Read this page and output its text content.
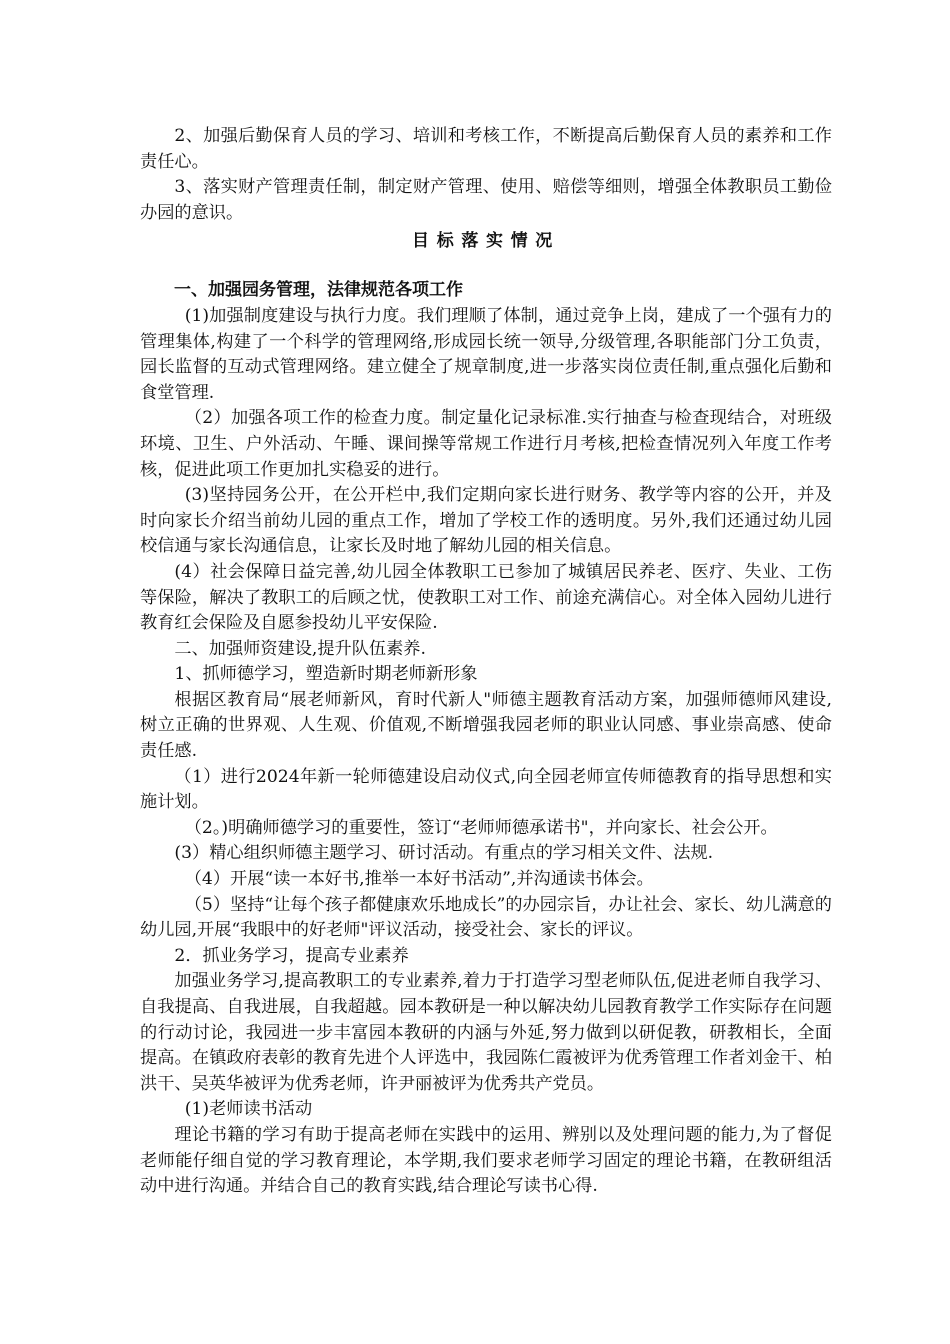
2、加强后勤保育人员的学习、培训和考核工作，不断提高后勤保育人员的素养和工作责任心。

3、落实财产管理责任制，制定财产管理、使用、赔偿等细则，增强全体教职员工勤俭办园的意识。

目标落实情况

一、加强园务管理，法律规范各项工作

(1)加强制度建设与执行力度。我们理顺了体制，通过竞争上岗，建成了一个强有力的管理集体,构建了一个科学的管理网络,形成园长统一领导,分级管理,各职能部门分工负责，园长监督的互动式管理网络。建立健全了规章制度,进一步落实岗位责任制,重点强化后勤和食堂管理.

（2）加强各项工作的检查力度。制定量化记录标准.实行抽查与检查现结合，对班级环境、卫生、户外活动、午睡、课间操等常规工作进行月考核,把检查情况列入年度工作考核，促进此项工作更加扎实稳妥的进行。

(3)坚持园务公开，在公开栏中,我们定期向家长进行财务、教学等内容的公开，并及时向家长介绍当前幼儿园的重点工作，增加了学校工作的透明度。另外,我们还通过幼儿园校信通与家长沟通信息，让家长及时地了解幼儿园的相关信息。

(4）社会保障日益完善,幼儿园全体教职工已参加了城镇居民养老、医疗、失业、工伤等保险，解决了教职工的后顾之忧，使教职工对工作、前途充满信心。对全体入园幼儿进行教育红会保险及自愿参投幼儿平安保险.

二、加强师资建设,提升队伍素养.

1、抓师德学习，塑造新时期老师新形象

根据区教育局“展老师新风，育时代新人"师德主题教育活动方案，加强师德师风建设,树立正确的世界观、人生观、价值观,不断增强我园老师的职业认同感、事业崇高感、使命责任感.

（1）进行2024年新一轮师德建设启动仪式,向全园老师宣传师德教育的指导思想和实施计划。

（2。)明确师德学习的重要性，签订“老师师德承诺书"，并向家长、社会公开。

(3）精心组织师德主题学习、研讨活动。有重点的学习相关文件、法规.

（4）开展“读一本好书,推举一本好书活动”,并沟通读书体会。

（5）坚持“让每个孩子都健康欢乐地成长”的办园宗旨，办让社会、家长、幼儿满意的幼儿园,开展“我眼中的好老师"评议活动，接受社会、家长的评议。

2．抓业务学习，提高专业素养

加强业务学习,提高教职工的专业素养,着力于打造学习型老师队伍,促进老师自我学习、自我提高、自我进展，自我超越。园本教研是一种以解决幼儿园教育教学工作实际存在问题的行动讨论，我园进一步丰富园本教研的内涵与外延,努力做到以研促教，研教相长，全面提高。在镇政府表彰的教育先进个人评选中，我园陈仁霞被评为优秀管理工作者刘金干、柏洪干、吴英华被评为优秀老师，许尹丽被评为优秀共产党员。

(1)老师读书活动

理论书籍的学习有助于提高老师在实践中的运用、辨别以及处理问题的能力,为了督促老师能仔细自觉的学习教育理论，本学期,我们要求老师学习固定的理论书籍，在教研组活动中进行沟通。并结合自己的教育实践,结合理论写读书心得.
